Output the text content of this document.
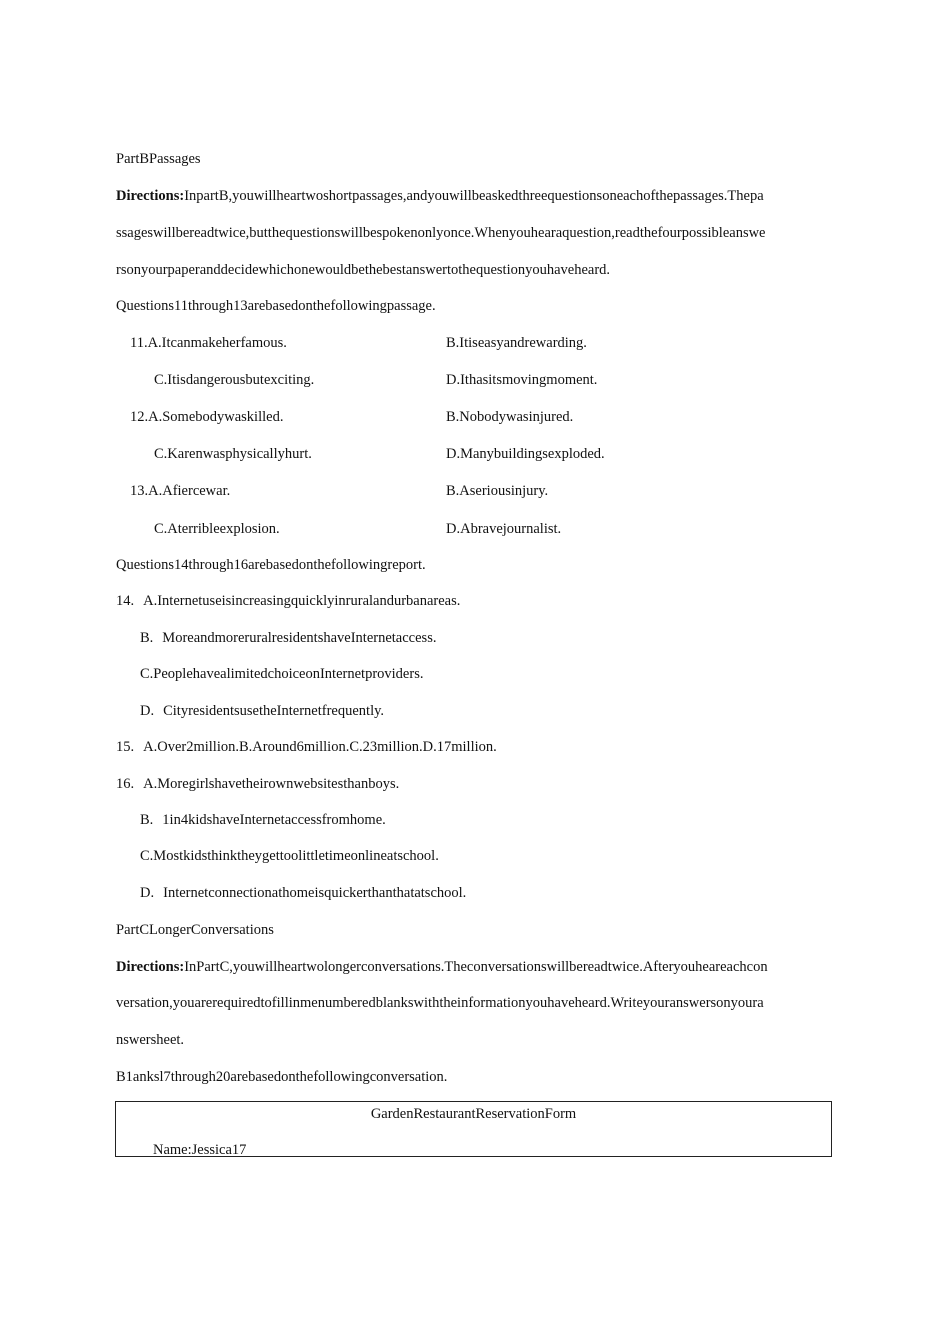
PartBPassages
Directions:InpartB,youwillheartwoshortpassages,andyouwillbeaskedthreequestionsoneachofthepassages.Thepa
ssageswillbereadtwice,butthequestionswillbespokenonlyonce.Whenyouhearaquestion,readthefourpossibleanswe
rsonyourpaperanddecidewhichonewouldbethebestanswertothequestionyouhaveheard.
Questions11through13arebasedonthefollowingpassage.
11.A.Itcanmakeherfamous.	B.Itiseasyandrewarding.
C.Itisdangerousbutexciting.	D.Ithasitsmovingmoment.
12.A.Somebodywaskilled.	B.Nobodywasinjured.
C.Karenwasphysicallyhurt.	D.Manybuildingsexploded.
13.A.Afiercewar.	B.Aseriousinjury.
C.Aterribleexplosion.	D.Abravejournalist.
Questions14through16arebasedonthefollowingreport.
14. A.Internetuseisincreasingquicklyinruralandurbanareas.
B. MoreandmoreruralresidentshaveInternetaccess.
C.PeoplehavealimitedchoiceonInternetproviders.
D. CityresidentsusetheInternetfrequently.
15. A.Over2million.B.Around6million.C.23million.D.17million.
16. A.Moregirlshavetheirownwebsitesthanboys.
B. 1in4kidshaveInternetaccessfromhome.
C.Mostkidsthinktheygettoolittletimeonlineatschool.
D. Internetconnectionathomeisquickerthanthatatschool.
PartCLongerConversations
Directions:InPartC,youwillheartwolongerconversations.Theconversationswillbereadtwice.Afteryouheareachcon
versation,youarerequiredtofillinmenumberedblankswiththeinformationyouhaveheard.Writeyouranswersonyoura
nswersheet.
B1anksl7through20arebasedonthefollowingconversation.
GardenRestaurantReservationForm
Name:Jessica17
